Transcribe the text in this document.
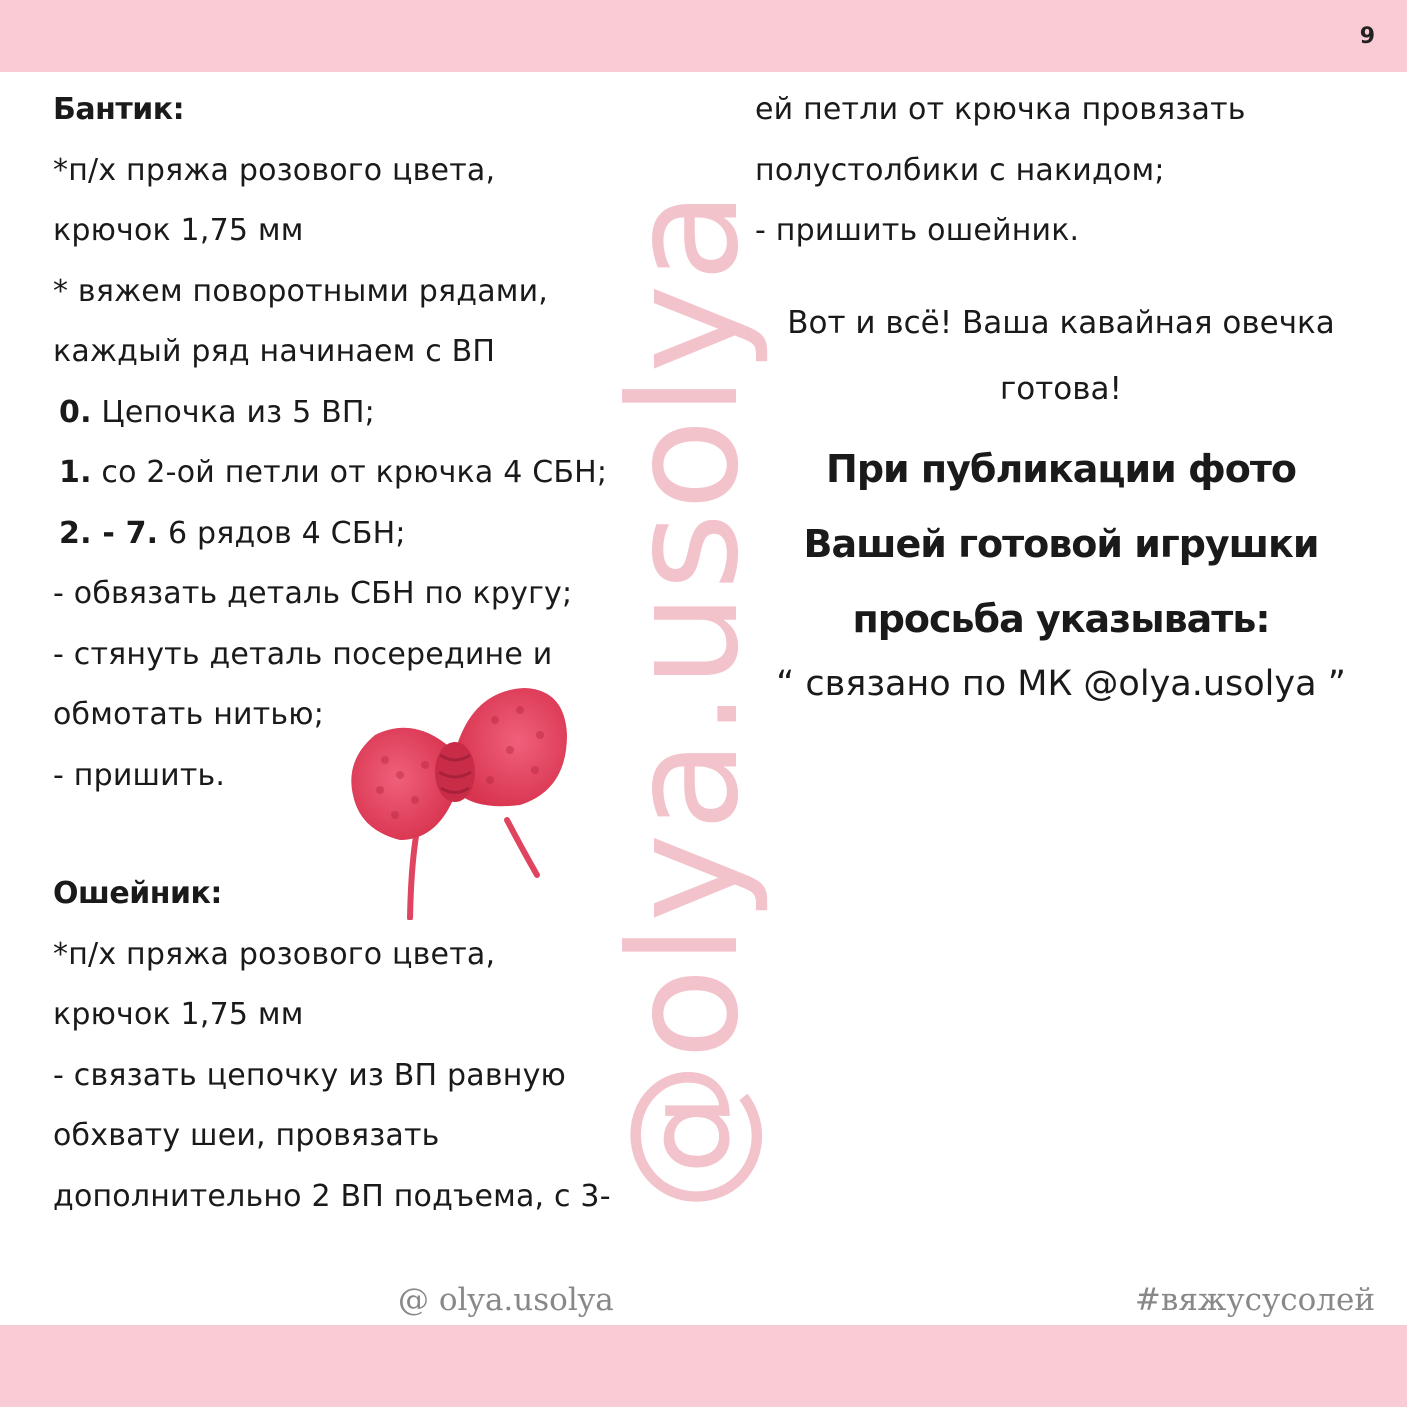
9
@olya.usolya
Бантик:
*п/х пряжа розового цвета,
крючок 1,75 мм
* вяжем поворотными рядами,
каждый ряд начинаем с ВП
0. Цепочка из 5 ВП;
1. со 2-ой петли от крючка 4 СБН;
2. - 7. 6 рядов 4 СБН;
- обвязать деталь СБН по кругу;
- стянуть деталь посередине и
обмотать нитью;
- пришить.
Ошейник:
*п/х пряжа розового цвета,
крючок 1,75 мм
- связать цепочку из ВП равную
обхвату шеи, провязать
дополнительно 2 ВП подъема, с 3-
ей петли от крючка провязать
полустолбики с накидом;
- пришить ошейник.
Вот и всё! Ваша кавайная овечка
готова!
При публикации фото
Вашей готовой игрушки
просьба указывать:
“ связано по МК @olya.usolya ”
@ olya.usolya	#вяжусусолей
